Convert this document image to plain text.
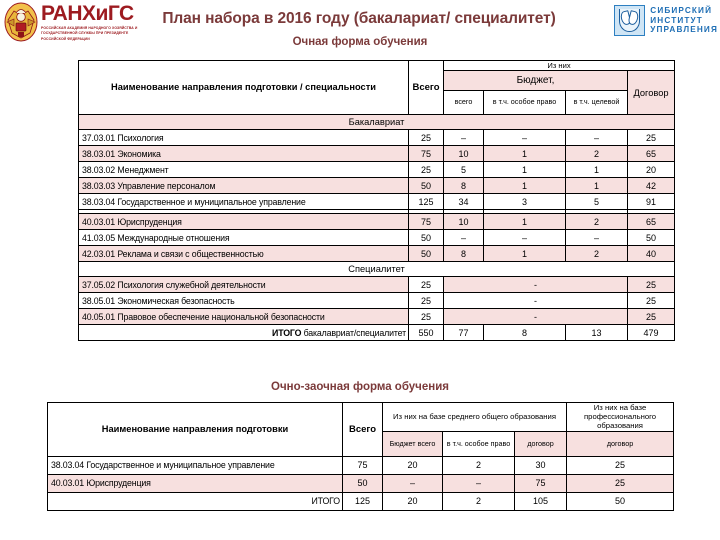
РАНХиГС
РОССИЙСКАЯ АКАДЕМИЯ НАРОДНОГО ХОЗЯЙСТВА И ГОСУДАРСТВЕННОЙ СЛУЖБЫ ПРИ ПРЕЗИДЕНТЕ РОССИЙСКОЙ ФЕДЕРАЦИИ
План набора в 2016 году (бакалариат/ специалитет)
Очная форма обучения
СИБИРСКИЙ
ИНСТИТУТ
УПРАВЛЕНИЯ
Наименование направления подготовки / специальности	Всего	Из них			
		Бюджет,			Договор
		всего	в т.ч. особое право	в т.ч. целевой	
Бакалавриат					
37.03.01 Психология	25	–	–	–	25
38.03.01 Экономика	75	10	1	2	65
38.03.02 Менеджмент	25	5	1	1	20
38.03.03 Управление персоналом	50	8	1	1	42
38.03.04 Государственное и муниципальное управление	125	34	3	5	91

40.03.01 Юриспруденция	75	10	1	2	65
41.03.05 Международные отношения	50	–	–	–	50
42.03.01 Реклама и связи с общественностью	50	8	1	2	40
Специалитет					
37.05.02 Психология служебной деятельности	25	-			25
38.05.01 Экономическая безопасность	25	-			25
40.05.01 Правовое обеспечение национальной безопасности	25	-			25
ИТОГО бакалавриат/специалитет	550	77	8	13	479
Очно-заочная форма обучения
Наименование направления подготовки	Всего	Из них на базе среднего общего образования			Из них на базе профессионального образования
		Бюджет всего	в т.ч. особое право	договор	договор
38.03.04 Государственное и муниципальное управление	75	20	2	30	25
40.03.01 Юриспруденция	50	–	–	75	25
ИТОГО	125	20	2	105	50
